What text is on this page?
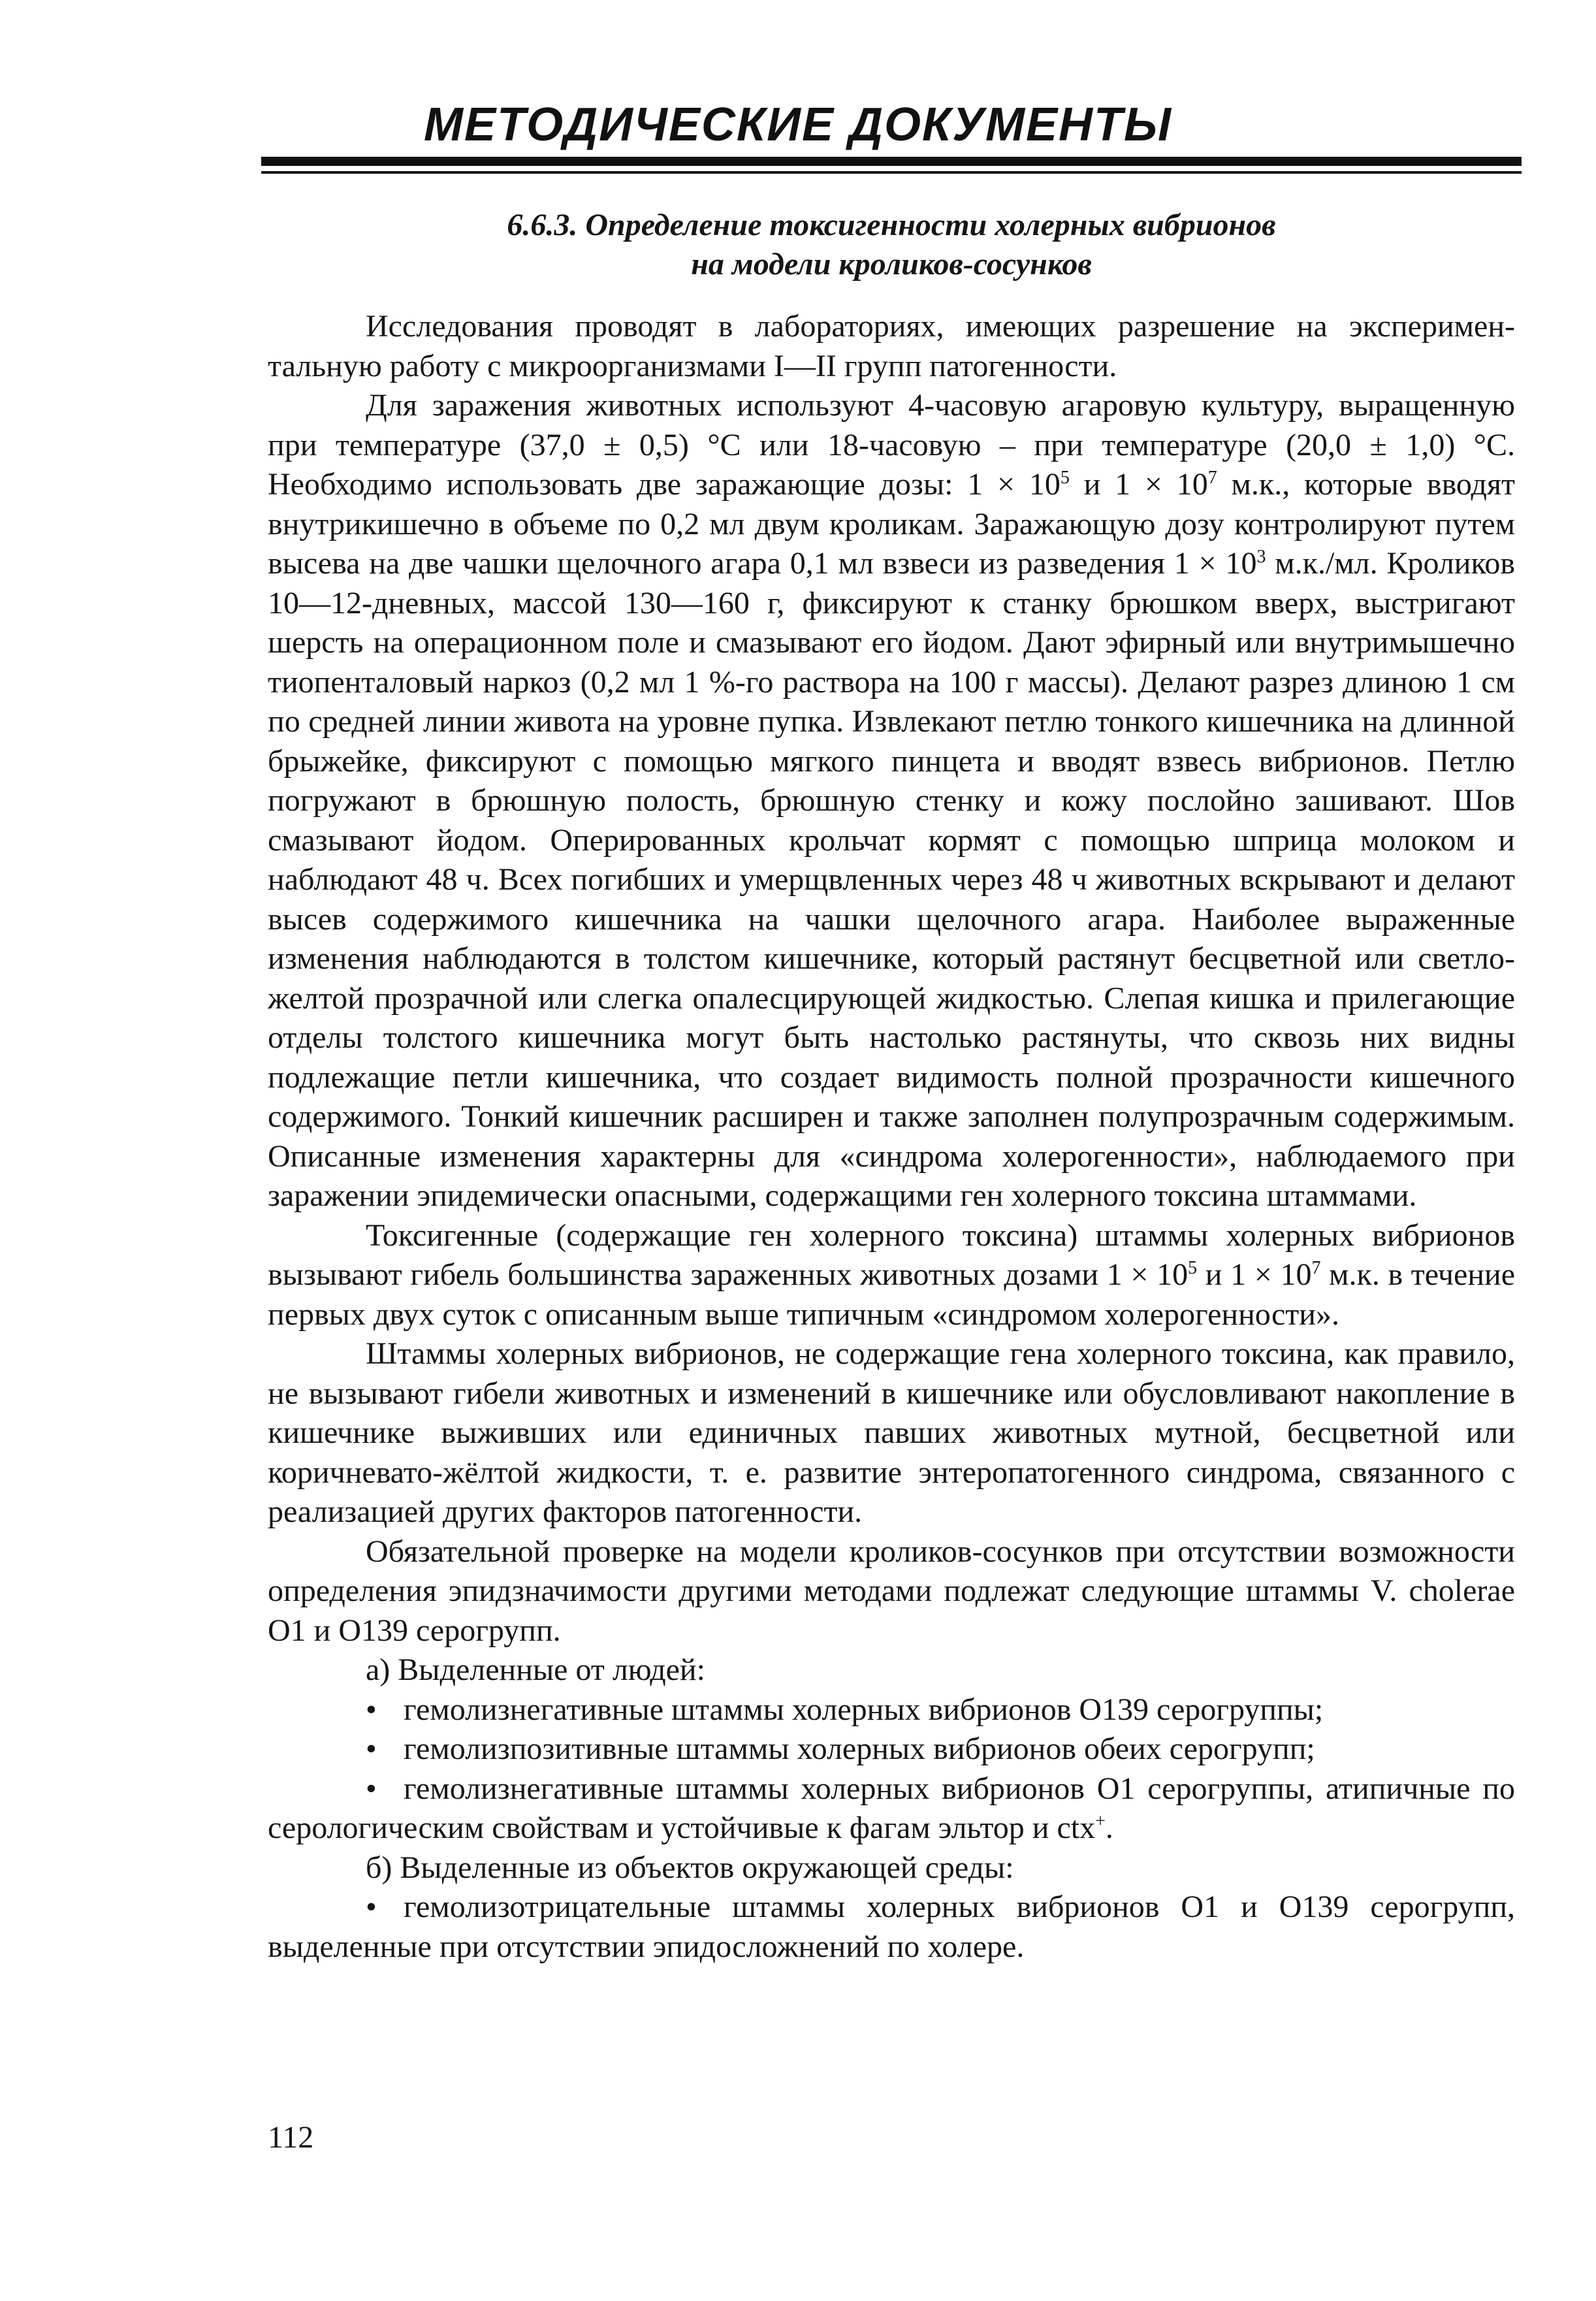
МЕТОДИЧЕСКИЕ ДОКУМЕНТЫ
6.6.3. Определение токсигенности холерных вибрионов
на модели кроликов-сосунков

Исследования проводят в лабораториях, имеющих разрешение на экспериментальную работу с микроорганизмами I—II групп патогенности.

Для заражения животных используют 4-часовую агаровую культуру, выращенную при температуре (37,0 ± 0,5) °С или 18-часовую – при температуре (20,0 ± 1,0) °С. Необходимо использовать две заражающие дозы: $1 \times 10^5$ и $1 \times 10^7$ м.к., которые вводят внутрикишечно в объеме по 0,2 мл двум кроликам. Заражающую дозу контролируют путем высева на две чашки щелочного агара 0,1 мл взвеси из разведения $1 \times 10^3$ м.к./мл. Кроликов 10—12-дневных, массой 130—160 г, фиксируют к станку брюшком вверх, выстригают шерсть на операционном поле и смазывают его йодом. Дают эфирный или внутримышечно тиопенталовый наркоз (0,2 мл 1 %-го раствора на 100 г массы). Делают разрез длиною 1 см по средней линии живота на уровне пупка. Извлекают петлю тонкого кишечника на длинной брыжейке, фиксируют с помощью мягкого пинцета и вводят взвесь вибрионов. Петлю погружают в брюшную полость, брюшную стенку и кожу послойно зашивают. Шов смазывают йодом. Оперированных крольчат кормят с помощью шприца молоком и наблюдают 48 ч. Всех погибших и умерщвленных через 48 ч животных вскрывают и делают высев содержимого кишечника на чашки щелочного агара. Наиболее выраженные изменения наблюдаются в толстом кишечнике, который растянут бесцветной или светло-желтой прозрачной или слегка опалесцирующей жидкостью. Слепая кишка и прилегающие отделы толстого кишечника могут быть настолько растянуты, что сквозь них видны подлежащие петли кишечника, что создает видимость полной прозрачности кишечного содержимого. Тонкий кишечник расширен и также заполнен полупрозрачным содержимым. Описанные изменения характерны для «синдрома холерогенности», наблюдаемого при заражении эпидемически опасными, содержащими ген холерного токсина штаммами.

Токсигенные (содержащие ген холерного токсина) штаммы холерных вибрионов вызывают гибель большинства зараженных животных дозами $1 \times 10^5$ и $1 \times 10^7$ м.к. в течение первых двух суток с описанным выше типичным «синдромом холерогенности».

Штаммы холерных вибрионов, не содержащие гена холерного токсина, как правило, не вызывают гибели животных и изменений в кишечнике или обусловливают накопление в кишечнике выживших или единичных павших животных мутной, бесцветной или коричневато-жёлтой жидкости, т. е. развитие энтеропатогенного синдрома, связанного с реализацией других факторов патогенности.

Обязательной проверке на модели кроликов-сосунков при отсутствии возможности определения эпидзначимости другими методами подлежат следующие штаммы V. cholerae O1 и O139 серогрупп.

а) Выделенные от людей:

• гемолизнегативные штаммы холерных вибрионов O139 серогруппы;

• гемолизпозитивные штаммы холерных вибрионов обеих серогрупп;

• гемолизнегативные штаммы холерных вибрионов O1 серогруппы, атипичные по серологическим свойствам и устойчивые к фагам эльтор и ctx+.

б) Выделенные из объектов окружающей среды:

• гемолизотрицательные штаммы холерных вибрионов O1 и O139 серогрупп, выделенные при отсутствии эпидосложнений по холере.

112
